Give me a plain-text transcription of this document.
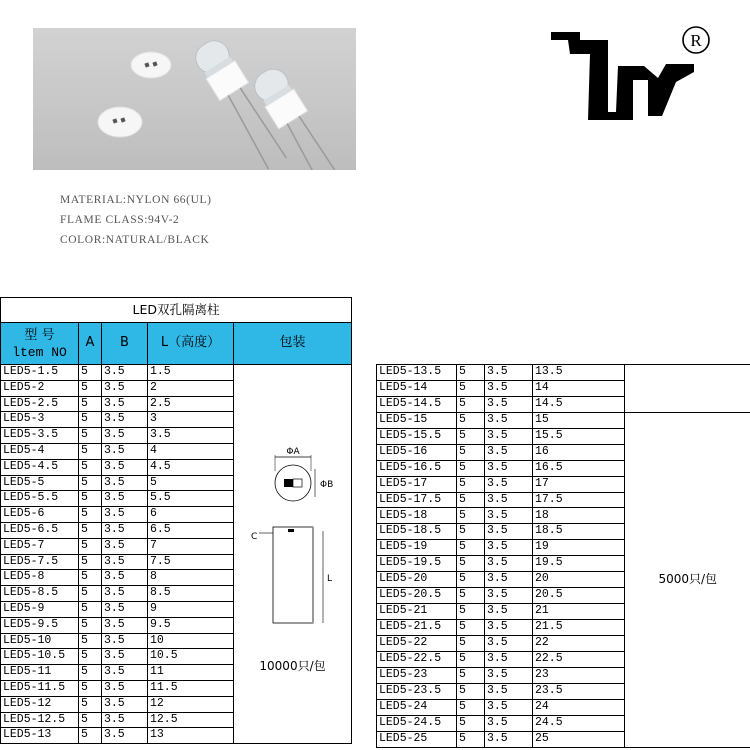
MATERIAL:NYLON 66(UL)
FLAME CLASS:94V-2
COLOR:NATURAL/BLACK
R
LED双孔隔离柱				

型 号
ltem NO	A	B	L（高度）	包装
LED5-1.5	5	3.5	1.5	ΦA
ΦB
C
L
10000只/包

LED5-2	5	3.5	2	
LED5-2.5	5	3.5	2.5	
LED5-3	5	3.5	3	
LED5-3.5	5	3.5	3.5	
LED5-4	5	3.5	4	
LED5-4.5	5	3.5	4.5	
LED5-5	5	3.5	5	
LED5-5.5	5	3.5	5.5	
LED5-6	5	3.5	6	
LED5-6.5	5	3.5	6.5	
LED5-7	5	3.5	7	
LED5-7.5	5	3.5	7.5	
LED5-8	5	3.5	8	
LED5-8.5	5	3.5	8.5	
LED5-9	5	3.5	9	
LED5-9.5	5	3.5	9.5	
LED5-10	5	3.5	10	
LED5-10.5	5	3.5	10.5	
LED5-11	5	3.5	11	
LED5-11.5	5	3.5	11.5	
LED5-12	5	3.5	12	
LED5-12.5	5	3.5	12.5	
LED5-13	5	3.5	13	
LED5-13.5	5	3.5	13.5	
LED5-14	5	3.5	14	
LED5-14.5	5	3.5	14.5	
LED5-15	5	3.5	15	5000只/包
LED5-15.5	5	3.5	15.5	
LED5-16	5	3.5	16	
LED5-16.5	5	3.5	16.5	
LED5-17	5	3.5	17	
LED5-17.5	5	3.5	17.5	
LED5-18	5	3.5	18	
LED5-18.5	5	3.5	18.5	
LED5-19	5	3.5	19	
LED5-19.5	5	3.5	19.5	
LED5-20	5	3.5	20	
LED5-20.5	5	3.5	20.5	
LED5-21	5	3.5	21	
LED5-21.5	5	3.5	21.5	
LED5-22	5	3.5	22	
LED5-22.5	5	3.5	22.5	
LED5-23	5	3.5	23	
LED5-23.5	5	3.5	23.5	
LED5-24	5	3.5	24	
LED5-24.5	5	3.5	24.5	
LED5-25	5	3.5	25	
